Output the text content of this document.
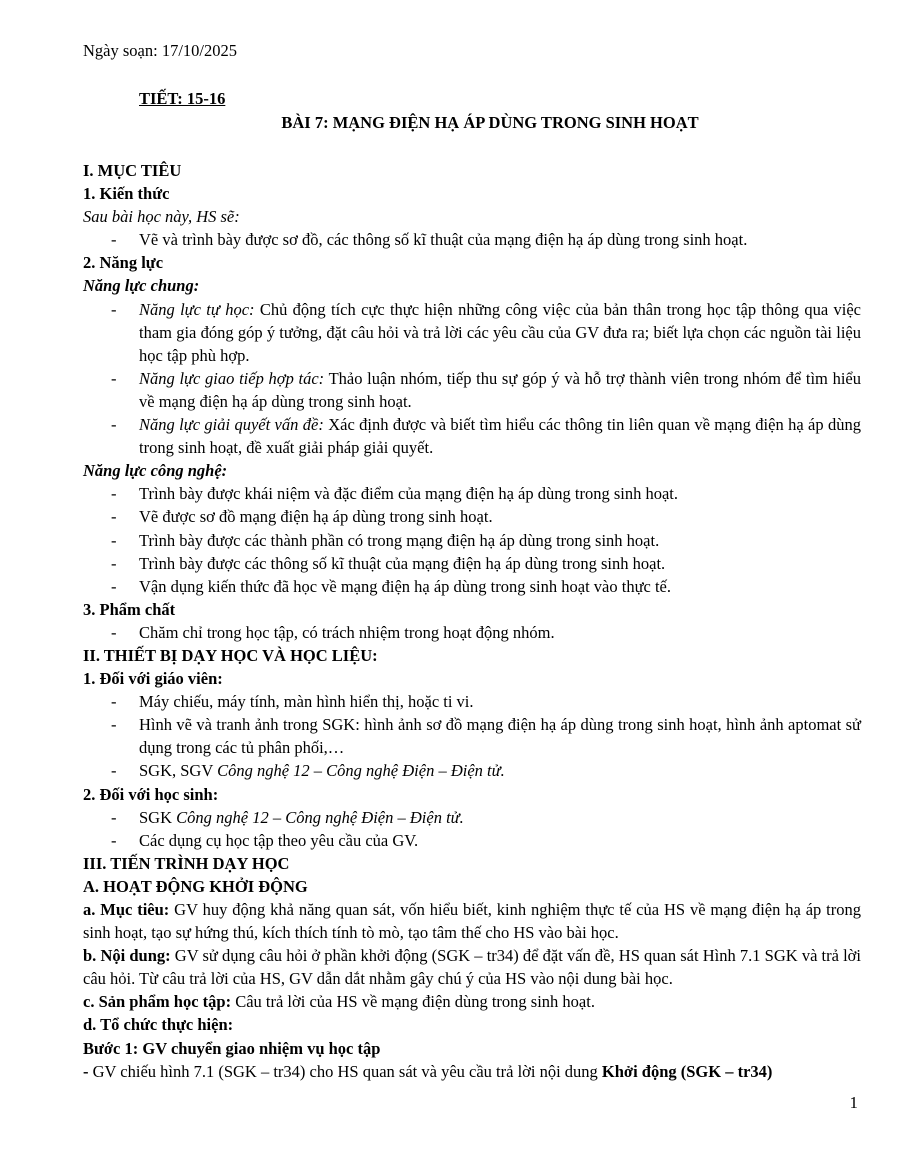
Ngày soạn: 17/10/2025
TIẾT: 15-16
BÀI 7: MẠNG ĐIỆN HẠ ÁP DÙNG TRONG SINH HOẠT
I. MỤC TIÊU
1. Kiến thức
Sau bài học này, HS sẽ:
- Vẽ và trình bày được sơ đồ, các thông số kĩ thuật của mạng điện hạ áp dùng trong sinh hoạt.
2. Năng lực
Năng lực chung:
- Năng lực tự học: Chủ động tích cực thực hiện những công việc của bản thân trong học tập thông qua việc tham gia đóng góp ý tưởng, đặt câu hỏi và trả lời các yêu cầu của GV đưa ra; biết lựa chọn các nguồn tài liệu học tập phù hợp.
- Năng lực giao tiếp hợp tác: Thảo luận nhóm, tiếp thu sự góp ý và hỗ trợ thành viên trong nhóm để tìm hiểu về mạng điện hạ áp dùng trong sinh hoạt.
- Năng lực giải quyết vấn đề: Xác định được và biết tìm hiểu các thông tin liên quan về mạng điện hạ áp dùng trong sinh hoạt, đề xuất giải pháp giải quyết.
Năng lực công nghệ:
- Trình bày được khái niệm và đặc điểm của mạng điện hạ áp dùng trong sinh hoạt.
- Vẽ được sơ đồ mạng điện hạ áp dùng trong sinh hoạt.
- Trình bày được các thành phần có trong mạng điện hạ áp dùng trong sinh hoạt.
- Trình bày được các thông số kĩ thuật của mạng điện hạ áp dùng trong sinh hoạt.
- Vận dụng kiến thức đã học về mạng điện hạ áp dùng trong sinh hoạt vào thực tế.
3. Phẩm chất
- Chăm chỉ trong học tập, có trách nhiệm trong hoạt động nhóm.
II. THIẾT BỊ DẠY HỌC VÀ HỌC LIỆU:
1. Đối với giáo viên:
- Máy chiếu, máy tính, màn hình hiển thị, hoặc ti vi.
- Hình vẽ và tranh ảnh trong SGK: hình ảnh sơ đồ mạng điện hạ áp dùng trong sinh hoạt, hình ảnh aptomat sử dụng trong các tủ phân phối,…
- SGK, SGV Công nghệ 12 – Công nghệ Điện – Điện tử.
2. Đối với học sinh:
- SGK Công nghệ 12 – Công nghệ Điện – Điện tử.
- Các dụng cụ học tập theo yêu cầu của GV.
III. TIẾN TRÌNH DẠY HỌC
A. HOẠT ĐỘNG KHỞI ĐỘNG

a. Mục tiêu: GV huy động khả năng quan sát, vốn hiểu biết, kinh nghiệm thực tế của HS về mạng điện hạ áp trong sinh hoạt, tạo sự hứng thú, kích thích tính tò mò, tạo tâm thế cho HS vào bài học.

b. Nội dung: GV sử dụng câu hỏi ở phần khởi động (SGK – tr34) để đặt vấn đề, HS quan sát Hình 7.1 SGK và trả lời câu hỏi. Từ câu trả lời của HS, GV dẫn dắt nhằm gây chú ý của HS vào nội dung bài học.

c. Sản phẩm học tập: Câu trả lời của HS về mạng điện dùng trong sinh hoạt.

d. Tổ chức thực hiện:
Bước 1: GV chuyển giao nhiệm vụ học tập

- GV chiếu hình 7.1 (SGK – tr34) cho HS quan sát và yêu cầu trả lời nội dung Khởi động (SGK – tr34)

1
